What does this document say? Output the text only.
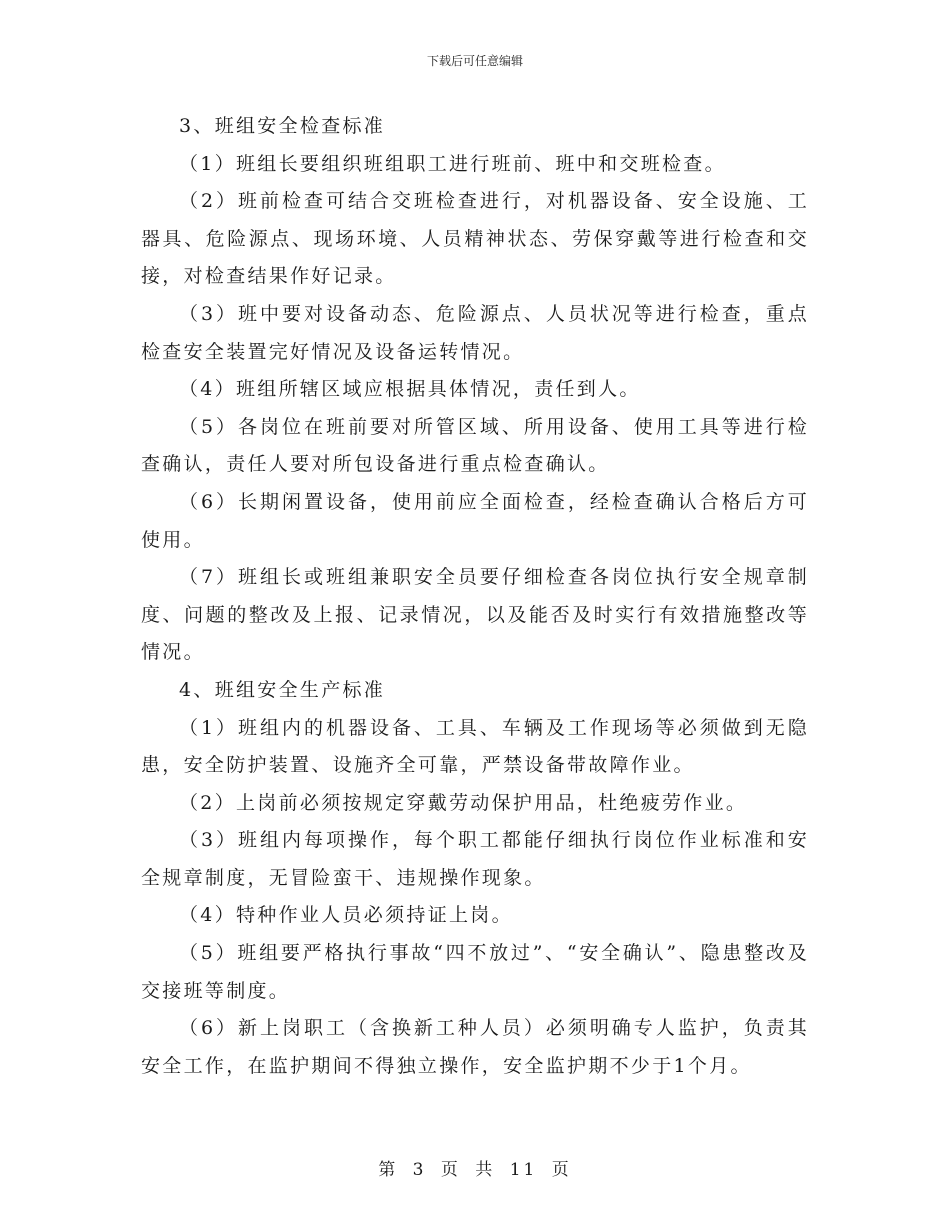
下载后可任意编辑

3、班组安全检查标准

（1）班组长要组织班组职工进行班前、班中和交班检查。

（2）班前检查可结合交班检查进行，对机器设备、安全设施、工器具、危险源点、现场环境、人员精神状态、劳保穿戴等进行检查和交接，对检查结果作好记录。

（3）班中要对设备动态、危险源点、人员状况等进行检查，重点检查安全装置完好情况及设备运转情况。

（4）班组所辖区域应根据具体情况，责任到人。

（5）各岗位在班前要对所管区域、所用设备、使用工具等进行检查确认，责任人要对所包设备进行重点检查确认。

（6）长期闲置设备，使用前应全面检查，经检查确认合格后方可使用。

（7）班组长或班组兼职安全员要仔细检查各岗位执行安全规章制度、问题的整改及上报、记录情况，以及能否及时实行有效措施整改等情况。

4、班组安全生产标准

（1）班组内的机器设备、工具、车辆及工作现场等必须做到无隐患，安全防护装置、设施齐全可靠，严禁设备带故障作业。

（2）上岗前必须按规定穿戴劳动保护用品，杜绝疲劳作业。

（3）班组内每项操作，每个职工都能仔细执行岗位作业标准和安全规章制度，无冒险蛮干、违规操作现象。

（4）特种作业人员必须持证上岗。

（5）班组要严格执行事故“四不放过”、“安全确认”、隐患整改及交接班等制度。

（6）新上岗职工（含换新工种人员）必须明确专人监护，负责其安全工作，在监护期间不得独立操作，安全监护期不少于1个月。

第 3 页 共 11 页
